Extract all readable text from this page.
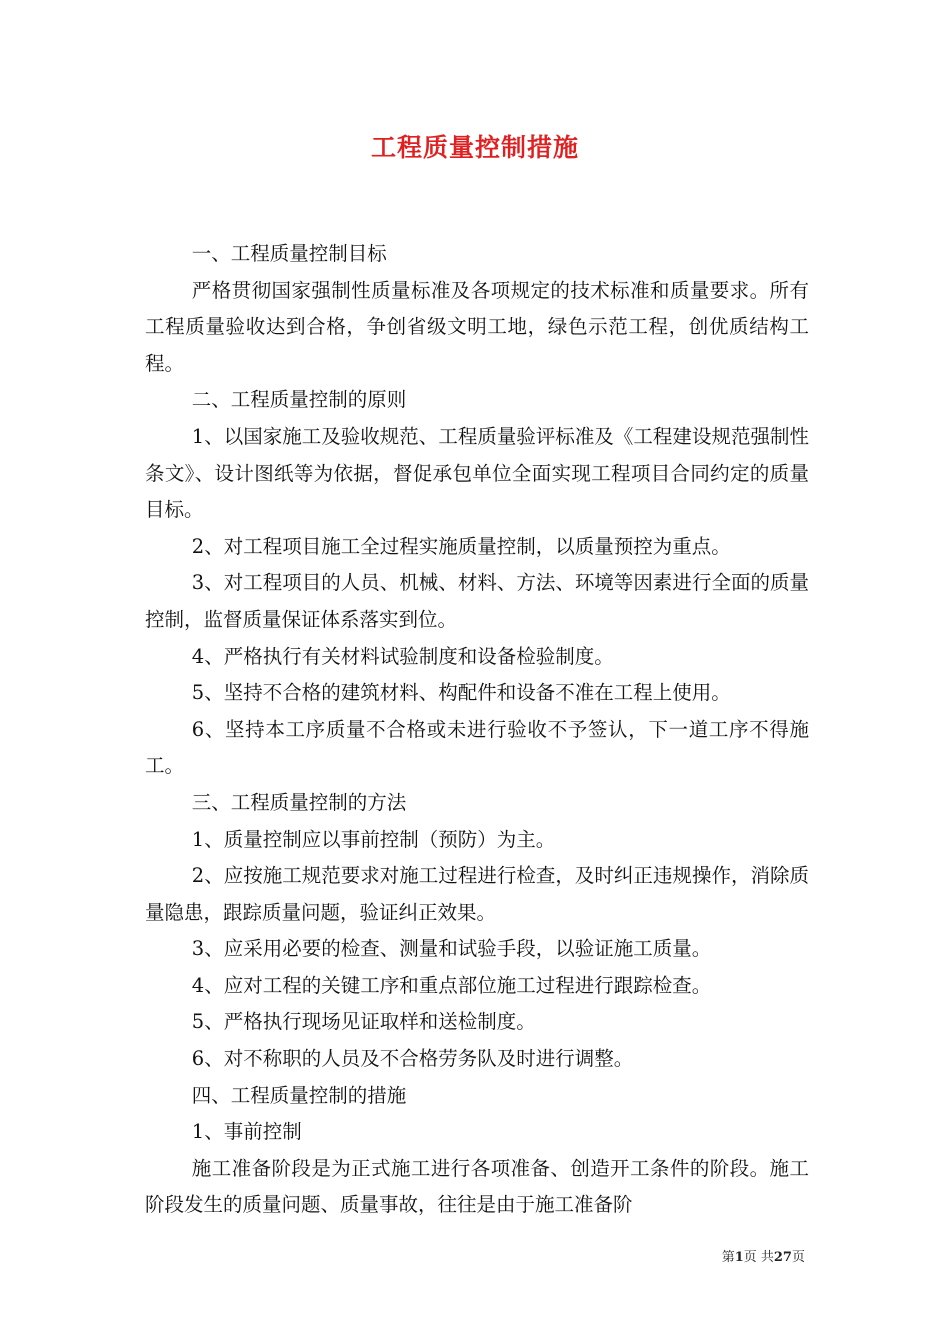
工程质量控制措施

一、工程质量控制目标

严格贯彻国家强制性质量标准及各项规定的技术标准和质量要求。所有工程质量验收达到合格，争创省级文明工地，绿色示范工程，创优质结构工程。

二、工程质量控制的原则

1、以国家施工及验收规范、工程质量验评标准及《工程建设规范强制性条文》、设计图纸等为依据，督促承包单位全面实现工程项目合同约定的质量目标。

2、对工程项目施工全过程实施质量控制，以质量预控为重点。

3、对工程项目的人员、机械、材料、方法、环境等因素进行全面的质量控制，监督质量保证体系落实到位。

4、严格执行有关材料试验制度和设备检验制度。

5、坚持不合格的建筑材料、构配件和设备不准在工程上使用。

6、坚持本工序质量不合格或未进行验收不予签认，下一道工序不得施工。

三、工程质量控制的方法

1、质量控制应以事前控制（预防）为主。

2、应按施工规范要求对施工过程进行检查，及时纠正违规操作，消除质量隐患，跟踪质量问题，验证纠正效果。

3、应采用必要的检查、测量和试验手段，以验证施工质量。

4、应对工程的关键工序和重点部位施工过程进行跟踪检查。

5、严格执行现场见证取样和送检制度。

6、对不称职的人员及不合格劳务队及时进行调整。

四、工程质量控制的措施

1、事前控制

施工准备阶段是为正式施工进行各项准备、创造开工条件的阶段。施工阶段发生的质量问题、质量事故，往往是由于施工准备阶

第1页 共27页
